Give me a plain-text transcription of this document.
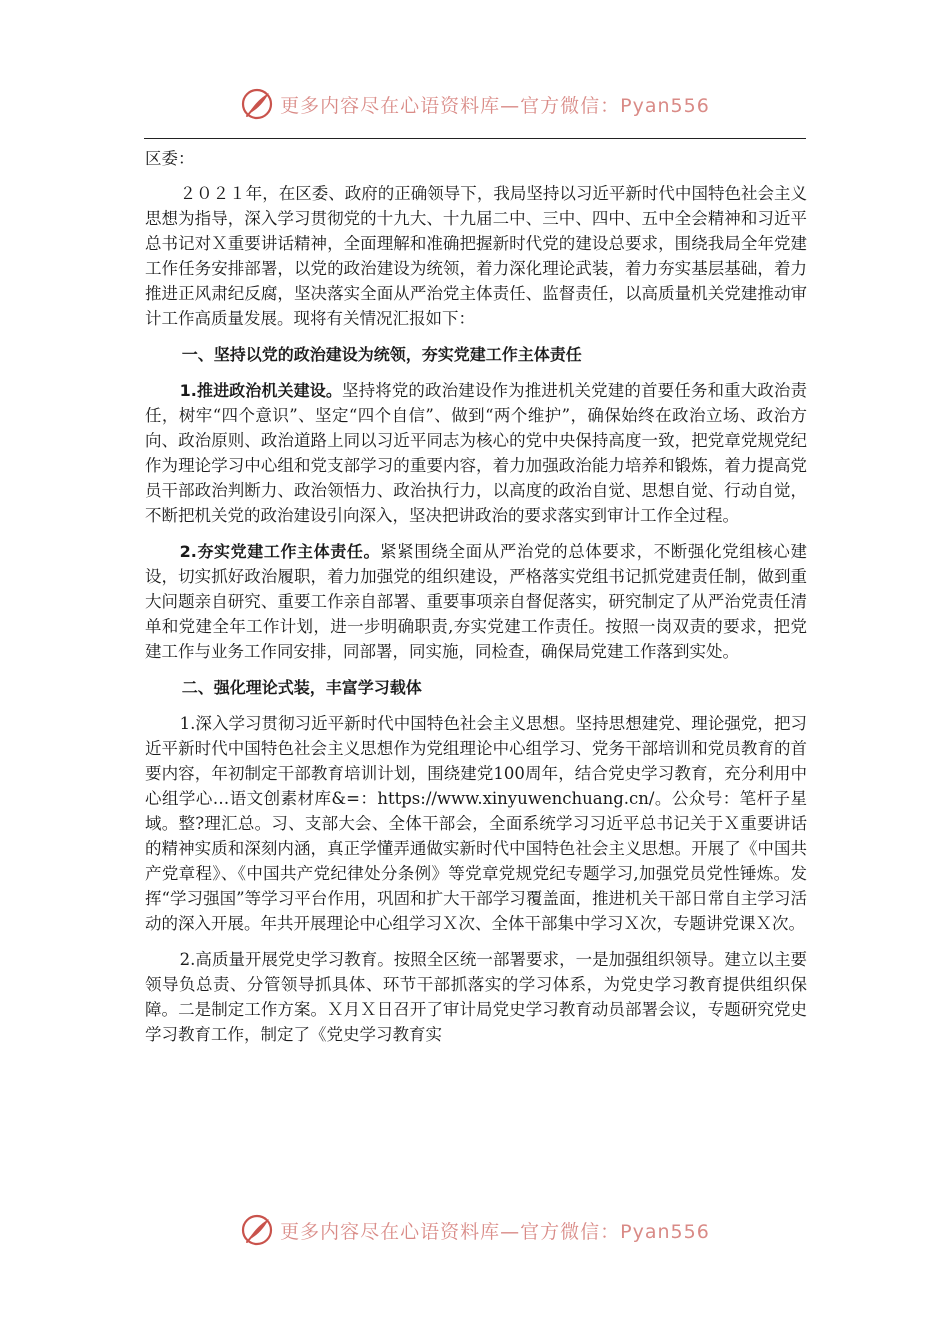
更多内容尽在心语资料库—官方微信：Pyan556

区委：

２０２１年，在区委、政府的正确领导下，我局坚持以习近平新时代中国特色社会主义思想为指导，深入学习贯彻党的十九大、十九届二中、三中、四中、五中全会精神和习近平总书记对Ｘ重要讲话精神，全面理解和准确把握新时代党的建设总要求，围绕我局全年党建工作任务安排部署，以党的政治建设为统领，着力深化理论武装，着力夯实基层基础，着力推进正风肃纪反腐，坚决落实全面从严治党主体责任、监督责任，以高质量机关党建推动审计工作高质量发展。现将有关情况汇报如下：

一、坚持以党的政治建设为统领，夯实党建工作主体责任

1.推进政治机关建设。坚持将党的政治建设作为推进机关党建的首要任务和重大政治责任，树牢“四个意识”、坚定“四个自信”、做到“两个维护”，确保始终在政治立场、政治方向、政治原则、政治道路上同以习近平同志为核心的党中央保持高度一致，把党章党规党纪作为理论学习中心组和党支部学习的重要内容，着力加强政治能力培养和锻炼，着力提高党员干部政治判断力、政治领悟力、政治执行力，以高度的政治自觉、思想自觉、行动自觉，不断把机关党的政治建设引向深入，坚决把讲政治的要求落实到审计工作全过程。

2.夯实党建工作主体责任。紧紧围绕全面从严治党的总体要求，不断强化党组核心建设，切实抓好政治履职，着力加强党的组织建设，严格落实党组书记抓党建责任制，做到重大问题亲自研究、重要工作亲自部署、重要事项亲自督促落实，研究制定了从严治党责任清单和党建全年工作计划，进一步明确职责,夯实党建工作责任。按照一岗双责的要求，把党建工作与业务工作同安排，同部署，同实施，同检查，确保局党建工作落到实处。

二、强化理论式装，丰富学习载体

1.深入学习贯彻习近平新时代中国特色社会主义思想。坚持思想建党、理论强党，把习近平新时代中国特色社会主义思想作为党组理论中心组学习、党务干部培训和党员教育的首要内容，年初制定干部教育培训计划，围绕建党100周年，结合党史学习教育，充分利用中心组学心…语文创素材库&=：https://www.xinyuwenchuang.cn/。公众号：笔杆子星域。整?理汇总。习、支部大会、全体干部会，全面系统学习习近平总书记关于Ｘ重要讲话的精神实质和深刻内涵，真正学懂弄通做实新时代中国特色社会主义思想。开展了《中国共产党章程》、《中国共产党纪律处分条例》等党章党规党纪专题学习,加强党员党性锤炼。发挥“学习强国”等学习平台作用，巩固和扩大干部学习覆盖面，推进机关干部日常自主学习活动的深入开展。年共开展理论中心组学习Ｘ次、全体干部集中学习Ｘ次，专题讲党课Ｘ次。

2.高质量开展党史学习教育。按照全区统一部署要求，一是加强组织领导。建立以主要领导负总责、分管领导抓具体、环节干部抓落实的学习体系，为党史学习教育提供组织保障。二是制定工作方案。Ｘ月Ｘ日召开了审计局党史学习教育动员部署会议，专题研究党史学习教育工作，制定了《党史学习教育实

更多内容尽在心语资料库—官方微信：Pyan556
